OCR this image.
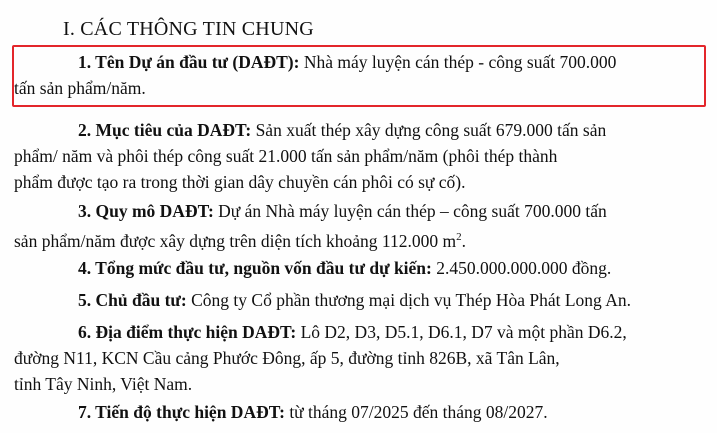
I. CÁC THÔNG TIN CHUNG
1. Tên Dự án đầu tư (DAĐT): Nhà máy luyện cán thép - công suất 700.000
tấn sản phẩm/năm.
2. Mục tiêu của DAĐT: Sản xuất thép xây dựng công suất 679.000 tấn sản
phẩm/ năm và phôi thép công suất 21.000 tấn sản phẩm/năm (phôi thép thành
phẩm được tạo ra trong thời gian dây chuyền cán phôi có sự cố).
3. Quy mô DAĐT: Dự án Nhà máy luyện cán thép – công suất 700.000 tấn
sản phẩm/năm được xây dựng trên diện tích khoảng 112.000 $m^2$.
4. Tổng mức đầu tư, nguồn vốn đầu tư dự kiến: 2.450.000.000.000 đồng.
5. Chủ đầu tư: Công ty Cổ phần thương mại dịch vụ Thép Hòa Phát Long An.
6. Địa điểm thực hiện DAĐT: Lô D2, D3, D5.1, D6.1, D7 và một phần D6.2,
đường N11, KCN Cầu cảng Phước Đông, ấp 5, đường tỉnh 826B, xã Tân Lân,
tỉnh Tây Ninh, Việt Nam.
7. Tiến độ thực hiện DAĐT: từ tháng 07/2025 đến tháng 08/2027.
